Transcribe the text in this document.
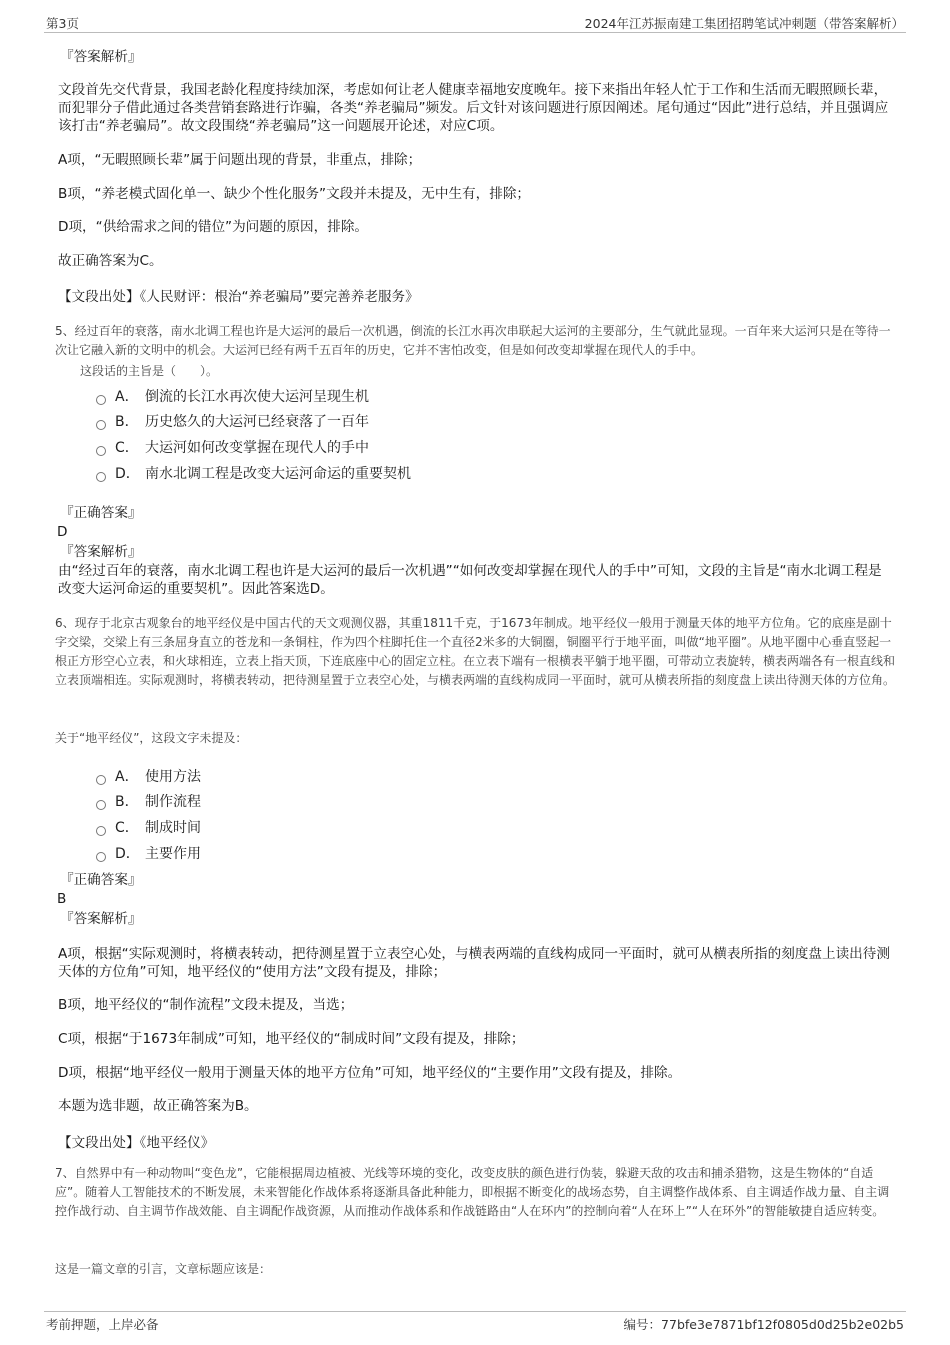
第3页	2024年江苏振南建工集团招聘笔试冲刺题（带答案解析）

『答案解析』

文段首先交代背景，我国老龄化程度持续加深，考虑如何让老人健康幸福地安度晚年。接下来指出年轻人忙于工作和生活而无暇照顾长辈，而犯罪分子借此通过各类营销套路进行诈骗，各类“养老骗局”频发。后文针对该问题进行原因阐述。尾句通过“因此”进行总结，并且强调应该打击“养老骗局”。故文段围绕“养老骗局”这一问题展开论述，对应C项。

A项，“无暇照顾长辈”属于问题出现的背景，非重点，排除；

B项，“养老模式固化单一、缺少个性化服务”文段并未提及，无中生有，排除；

D项，“供给需求之间的错位”为问题的原因，排除。

故正确答案为C。

【文段出处】《人民财评：根治“养老骗局”要完善养老服务》

5、经过百年的衰落，南水北调工程也许是大运河的最后一次机遇，倒流的长江水再次串联起大运河的主要部分，生气就此显现。一百年来大运河只是在等待一次让它融入新的文明中的机会。大运河已经有两千五百年的历史，它并不害怕改变，但是如何改变却掌握在现代人的手中。

这段话的主旨是（　　）。

A． 倒流的长江水再次使大运河呈现生机
B． 历史悠久的大运河已经衰落了一百年
C． 大运河如何改变掌握在现代人的手中
D． 南水北调工程是改变大运河命运的重要契机

『正确答案』

D

『答案解析』

由“经过百年的衰落，南水北调工程也许是大运河的最后一次机遇”“如何改变却掌握在现代人的手中”可知，文段的主旨是“南水北调工程是改变大运河命运的重要契机”。因此答案选D。

6、现存于北京古观象台的地平经仪是中国古代的天文观测仪器，其重1811千克，于1673年制成。地平经仪一般用于测量天体的地平方位角。它的底座是副十字交梁，交梁上有三条屈身直立的苍龙和一条铜柱，作为四个柱脚托住一个直径2米多的大铜圈，铜圈平行于地平面，叫做“地平圈”。从地平圈中心垂直竖起一根正方形空心立表，和火球相连，立表上指天顶，下连底座中心的固定立柱。在立表下端有一根横表平躺于地平圈，可带动立表旋转，横表两端各有一根直线和立表顶端相连。实际观测时，将横表转动，把待测星置于立表空心处，与横表两端的直线构成同一平面时，就可从横表所指的刻度盘上读出待测天体的方位角。

关于“地平经仪”，这段文字未提及：

A． 使用方法
B． 制作流程
C． 制成时间
D． 主要作用

『正确答案』

B

『答案解析』

A项，根据“实际观测时，将横表转动，把待测星置于立表空心处，与横表两端的直线构成同一平面时，就可从横表所指的刻度盘上读出待测天体的方位角”可知，地平经仪的“使用方法”文段有提及，排除；

B项，地平经仪的“制作流程”文段未提及，当选；

C项，根据“于1673年制成”可知，地平经仪的“制成时间”文段有提及，排除；

D项，根据“地平经仪一般用于测量天体的地平方位角”可知，地平经仪的“主要作用”文段有提及，排除。

本题为选非题，故正确答案为B。

【文段出处】《地平经仪》

7、自然界中有一种动物叫“变色龙”，它能根据周边植被、光线等环境的变化，改变皮肤的颜色进行伪装，躲避天敌的攻击和捕杀猎物，这是生物体的“自适应”。随着人工智能技术的不断发展，未来智能化作战体系将逐渐具备此种能力，即根据不断变化的战场态势，自主调整作战体系、自主调适作战力量、自主调控作战行动、自主调节作战效能、自主调配作战资源，从而推动作战体系和作战链路由“人在环内”的控制向着“人在环上”“人在环外”的智能敏捷自适应转变。

这是一篇文章的引言，文章标题应该是：

考前押题，上岸必备	编号：77bfe3e7871bf12f0805d0d25b2e02b5
